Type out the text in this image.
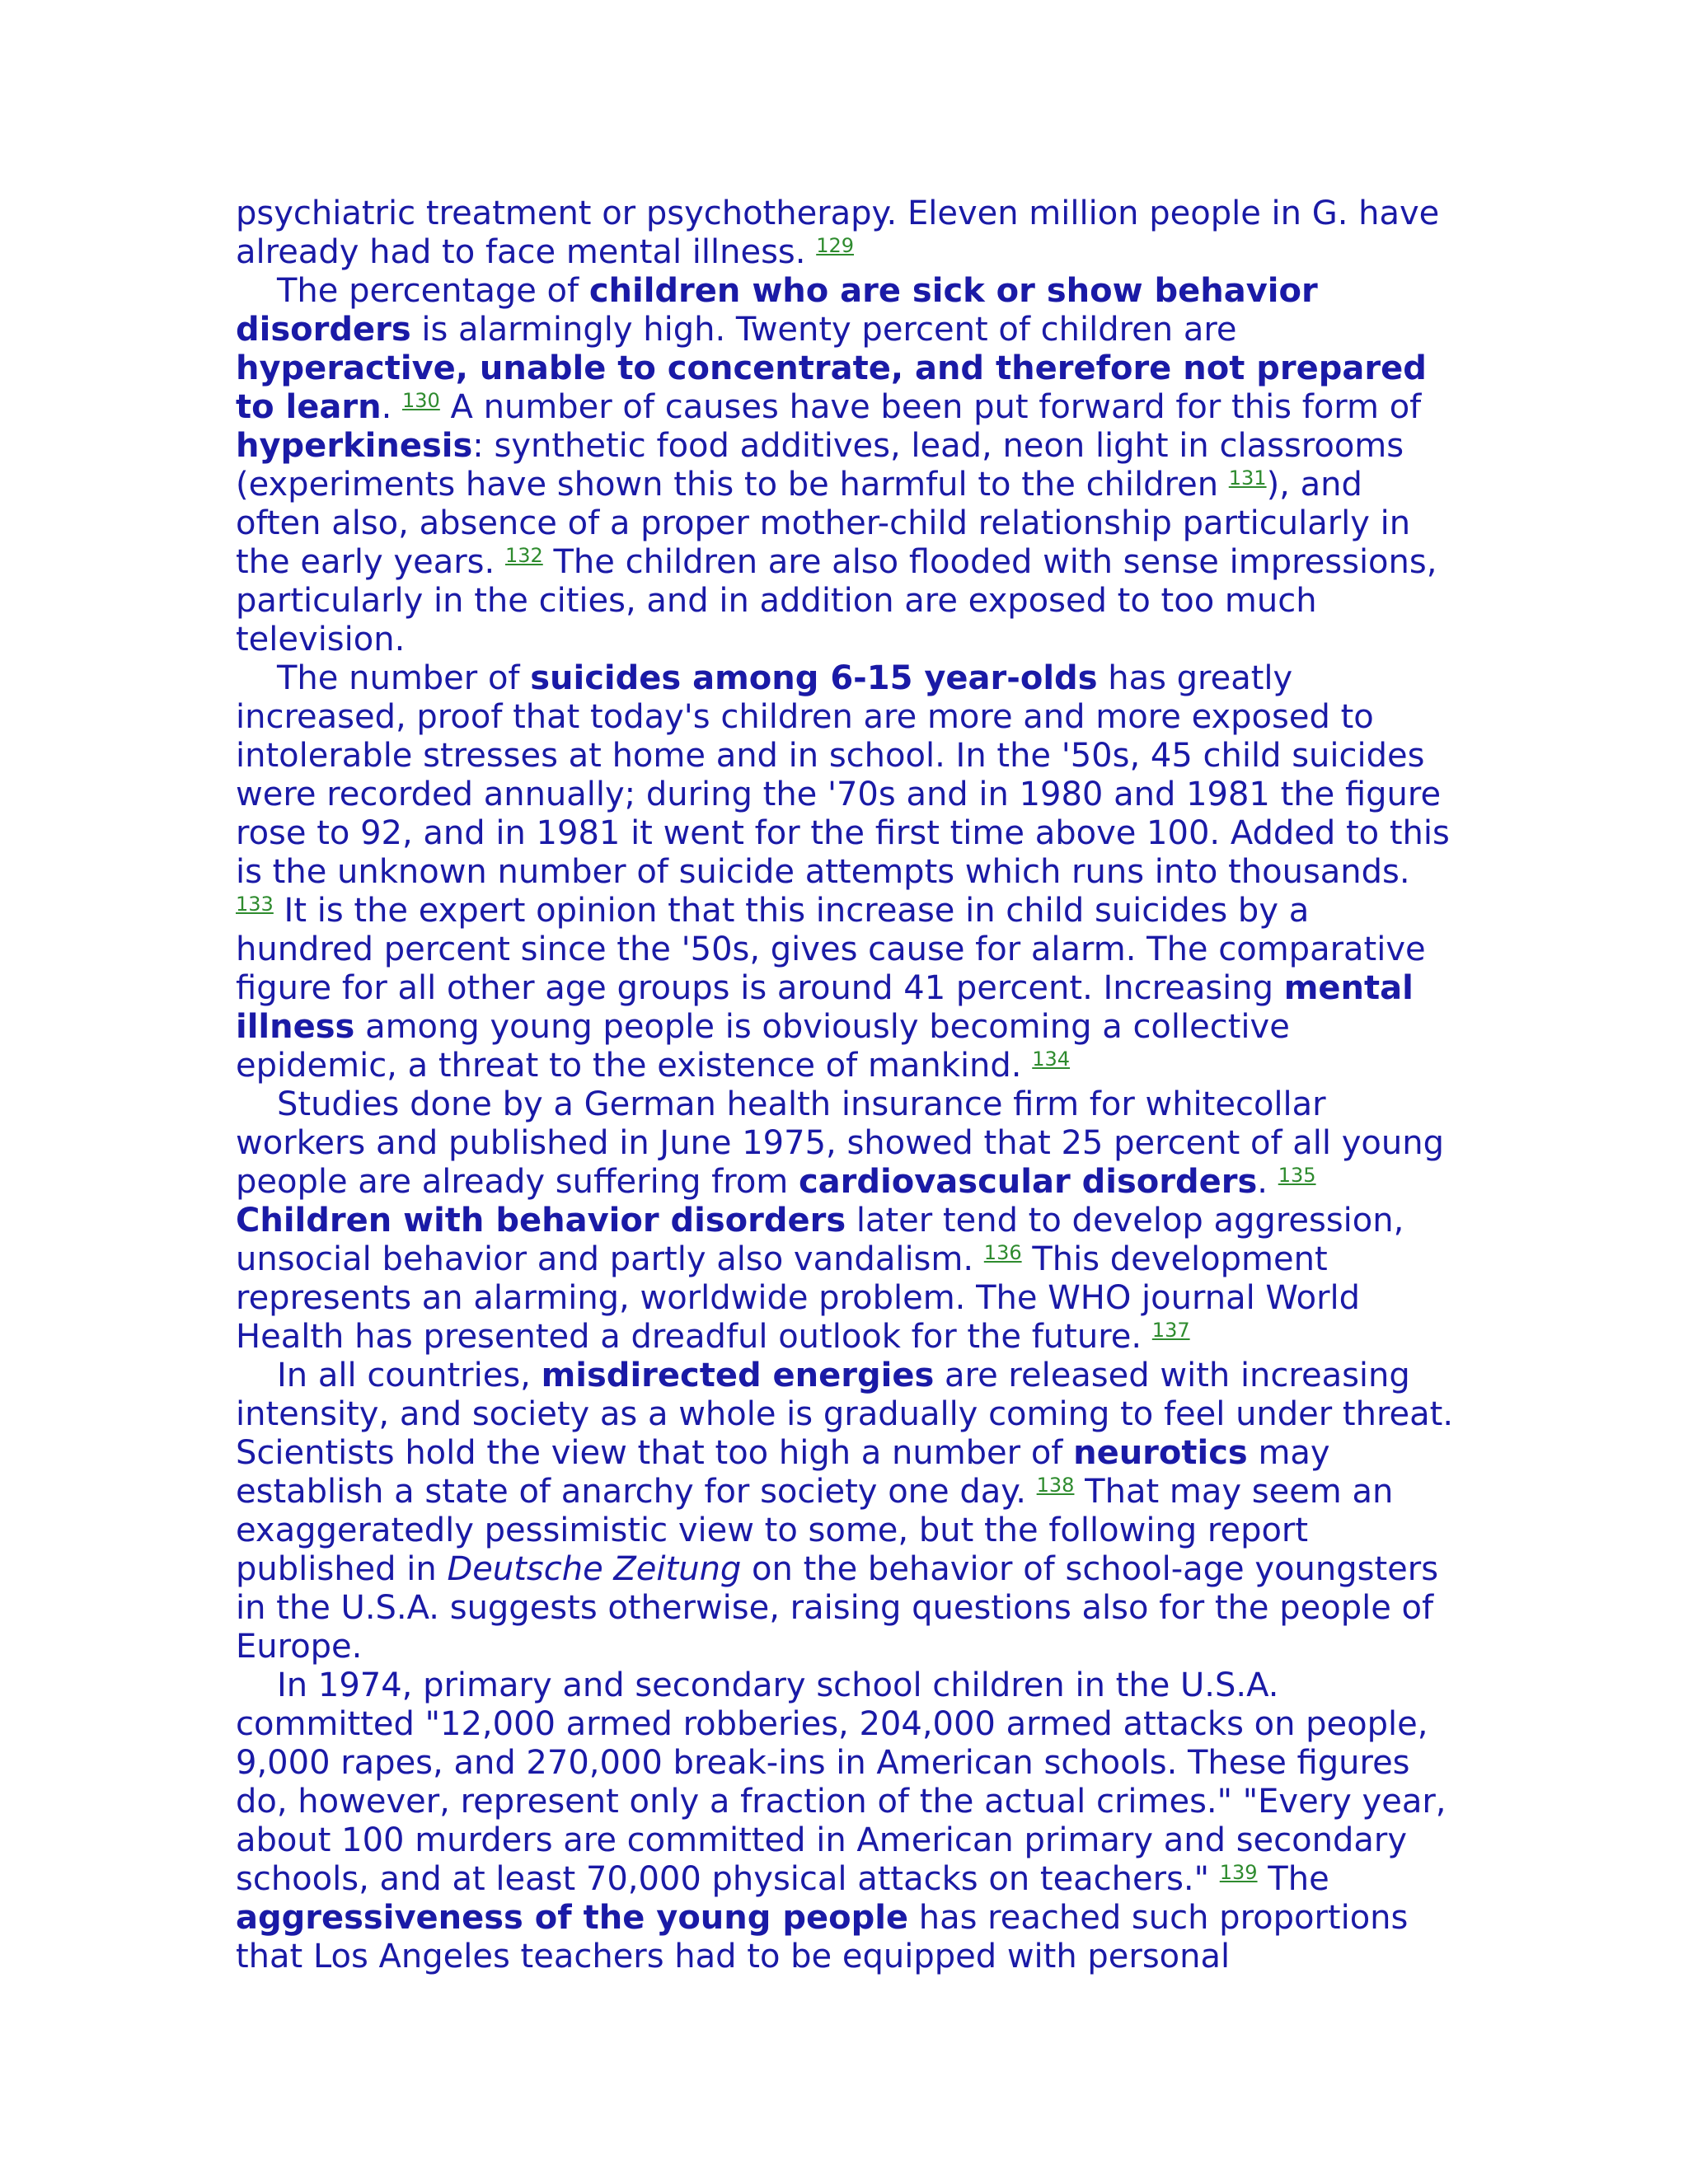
psychiatric treatment or psychotherapy. Eleven million people in G. have already had to face mental illness. $^{129}$

The percentage of children who are sick or show behavior disorders is alarmingly high. Twenty percent of children are hyperactive, unable to concentrate, and therefore not prepared to learn. $^{130}$ A number of causes have been put forward for this form of hyperkinesis: synthetic food additives, lead, neon light in classrooms (experiments have shown this to be harmful to the children $^{131}$), and often also, absence of a proper mother-child relationship particularly in the early years. $^{132}$ The children are also flooded with sense impressions, particularly in the cities, and in addition are exposed to too much television.

The number of suicides among 6-15 year-olds has greatly increased, proof that today's children are more and more exposed to intolerable stresses at home and in school. In the '50s, 45 child suicides were recorded annually; during the '70s and in 1980 and 1981 the figure rose to 92, and in 1981 it went for the first time above 100. Added to this is the unknown number of suicide attempts which runs into thousands. $^{133}$ It is the expert opinion that this increase in child suicides by a hundred percent since the '50s, gives cause for alarm. The comparative figure for all other age groups is around 41 percent. Increasing mental illness among young people is obviously becoming a collective epidemic, a threat to the existence of mankind. $^{134}$

Studies done by a German health insurance firm for whitecollar workers and published in June 1975, showed that 25 percent of all young people are already suffering from cardiovascular disorders. $^{135}$ Children with behavior disorders later tend to develop aggression, unsocial behavior and partly also vandalism. $^{136}$ This development represents an alarming, worldwide problem. The WHO journal World Health has presented a dreadful outlook for the future. $^{137}$

In all countries, misdirected energies are released with increasing intensity, and society as a whole is gradually coming to feel under threat. Scientists hold the view that too high a number of neurotics may establish a state of anarchy for society one day. $^{138}$ That may seem an exaggeratedly pessimistic view to some, but the following report published in Deutsche Zeitung on the behavior of school-age youngsters in the U.S.A. suggests otherwise, raising questions also for the people of Europe.

In 1974, primary and secondary school children in the U.S.A. committed "12,000 armed robberies, 204,000 armed attacks on people, 9,000 rapes, and 270,000 break-ins in American schools. These figures do, however, represent only a fraction of the actual crimes." "Every year, about 100 murders are committed in American primary and secondary schools, and at least 70,000 physical attacks on teachers." $^{139}$ The aggressiveness of the young people has reached such proportions that Los Angeles teachers had to be equipped with personal
